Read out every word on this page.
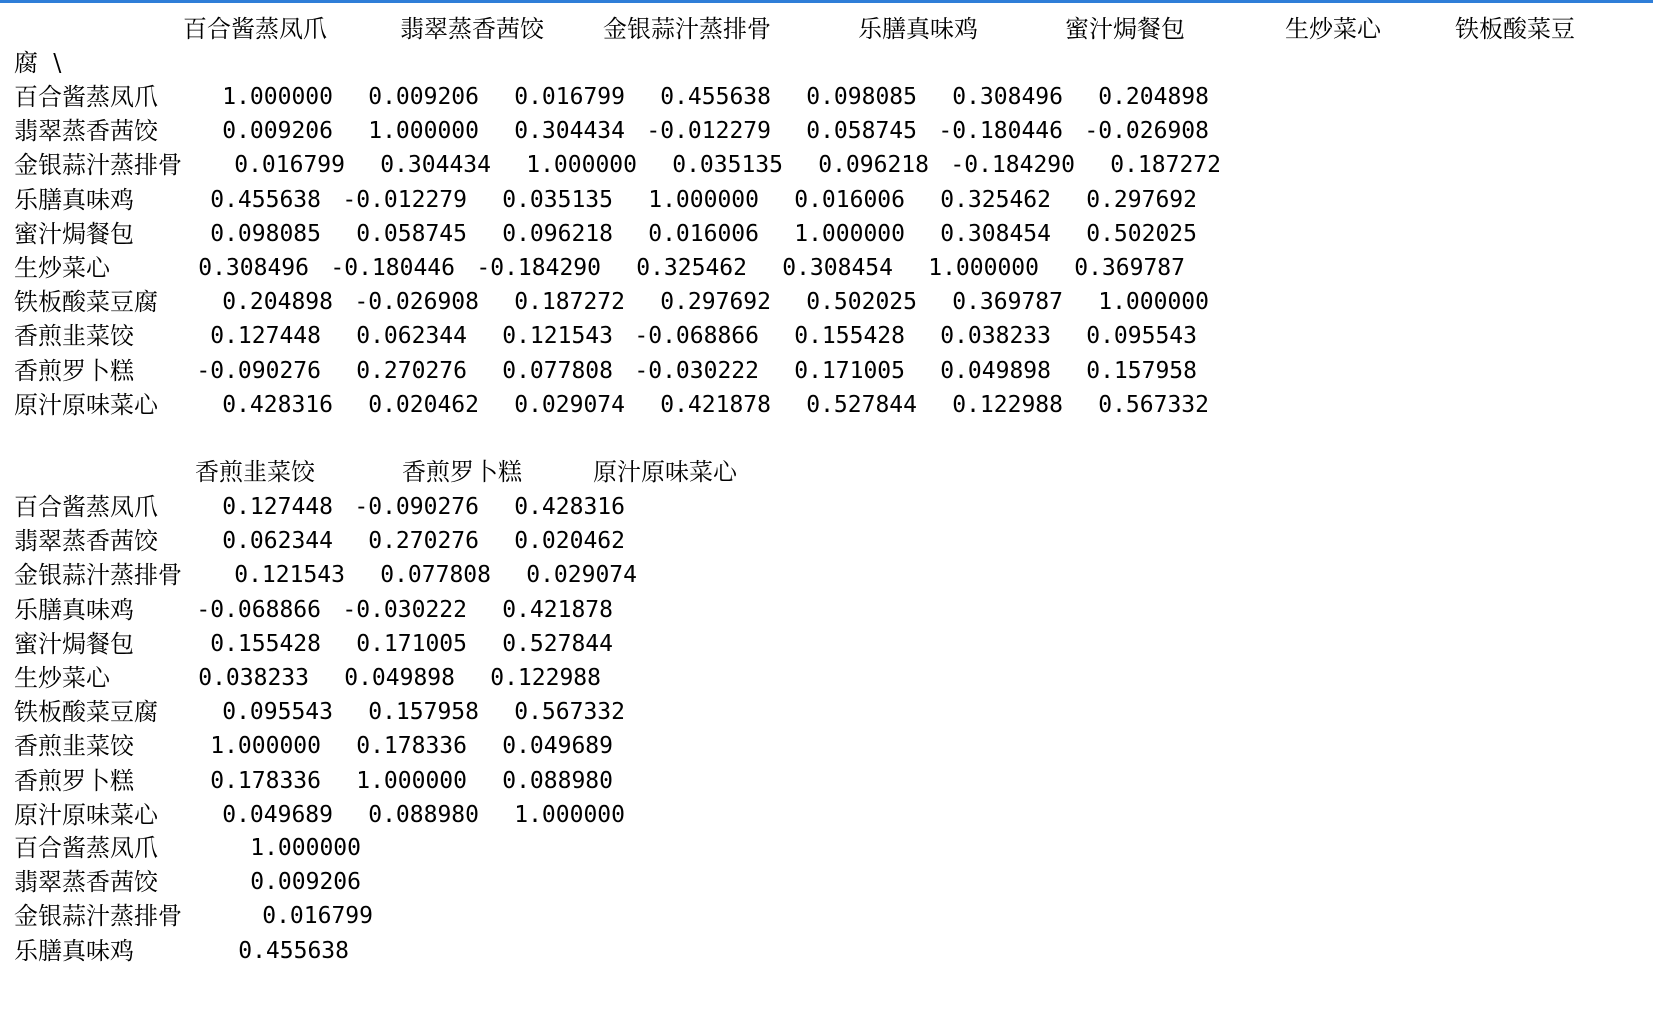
百合酱蒸凤爪	翡翠蒸香茜饺 金银蒜汁蒸排骨	乐膳真味鸡	蜜汁焗餐包	生炒菜心	铁板酸菜豆
腐  \
百合酱蒸凤爪	1.000000	0.009206	0.016799	0.455638	0.098085	0.308496	0.204898
翡翠蒸香茜饺	0.009206	1.000000	0.304434 -0.012279	0.058745 -0.180446 -0.026908
金银蒜汁蒸排骨	0.016799	0.304434	1.000000	0.035135	0.096218 -0.184290	0.187272
乐膳真味鸡	0.455638 -0.012279	0.035135	1.000000	0.016006	0.325462	0.297692
蜜汁焗餐包	0.098085	0.058745	0.096218	0.016006	1.000000	0.308454	0.502025
生炒菜心	0.308496 -0.180446 -0.184290	0.325462	0.308454	1.000000	0.369787
铁板酸菜豆腐	0.204898 -0.026908	0.187272	0.297692	0.502025	0.369787	1.000000
香煎韭菜饺	0.127448	0.062344	0.121543 -0.068866	0.155428	0.038233	0.095543
香煎罗卜糕	-0.090276	0.270276	0.077808 -0.030222	0.171005	0.049898	0.157958
原汁原味菜心	0.428316	0.020462	0.029074	0.421878	0.527844	0.122988	0.567332
香煎韭菜饺	香煎罗卜糕	原汁原味菜心
百合酱蒸凤爪	0.127448 -0.090276	0.428316
翡翠蒸香茜饺	0.062344	0.270276	0.020462
金银蒜汁蒸排骨	0.121543	0.077808	0.029074
乐膳真味鸡	-0.068866 -0.030222	0.421878
蜜汁焗餐包	0.155428	0.171005	0.527844
生炒菜心	0.038233	0.049898	0.122988
铁板酸菜豆腐	0.095543	0.157958	0.567332
香煎韭菜饺	1.000000	0.178336	0.049689
香煎罗卜糕	0.178336	1.000000	0.088980
原汁原味菜心	0.049689	0.088980	1.000000
百合酱蒸凤爪	1.000000
翡翠蒸香茜饺	0.009206
金银蒜汁蒸排骨	0.016799
乐膳真味鸡	0.455638
